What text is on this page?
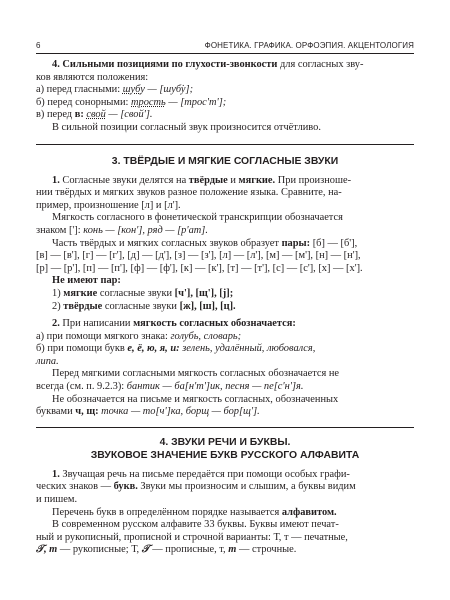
6	ФОНЕТИКА. ГРАФИКА. ОРФОЭПИЯ. АКЦЕНТОЛОГИЯ

4. Сильными позициями по глухости-звонкости для согласных зву-

ков являются положения:

а) перед гласными: шубу — [шуб̇у];

б) перед сонорными: трость — [трос'т'];

в) перед в: свой — [свой'].

В сильной позиции согласный звук произносится отчётливо.

3. ТВЁРДЫЕ И МЯГКИЕ СОГЛАСНЫЕ ЗВУКИ

1. Согласные звуки делятся на твёрдые и мягкие. При произноше-

нии твёрдых и мягких звуков разное положение языка. Сравните, на-

пример, произношение [л] и [л'].

Мягкость согласного в фонетической транскрипции обозначается

знаком [']: конь — [кон'], ряд — [р'ат].

Часть твёрдых и мягких согласных звуков образует пары: [б] — [б'],

[в] — [в'], [г] — [г'], [д] — [д'], [з] — [з'], [л] — [л'], [м] — [м'], [н] — [н'],

[р] — [р'], [п] — [п'], [ф] — [ф'], [к] — [к'], [т] — [т'], [с] — [с'], [х] — [х'].

Не имеют пар:

1) мягкие согласные звуки [ч'], [щ'], [j];

2) твёрдые согласные звуки [ж], [ш], [ц].

2. При написании мягкость согласных обозначается:

а) при помощи мягкого знака: голубь, словарь;

б) при помощи букв е, ё, ю, я, и: зелень, удалённый, любовался,

липа.

Перед мягкими согласными мягкость согласных обозначается не

всегда (см. п. 9.2.3): бантик — ба[н'т']ик, песня — пе[с'н']я.

Не обозначается на письме и мягкость согласных, обозначенных

буквами ч, щ: точка — то[ч']ка, борщ — бор[щ'].

4. ЗВУКИ РЕЧИ И БУКВЫ.
ЗВУКОВОЕ ЗНАЧЕНИЕ БУКВ РУССКОГО АЛФАВИТА

1. Звучащая речь на письме передаётся при помощи особых графи-

ческих знаков — букв. Звуки мы произносим и слышим, а буквы видим

и пишем.

Перечень букв в определённом порядке называется алфавитом.

В современном русском алфавите 33 буквы. Буквы имеют печат-

ный и рукописный, прописной и строчной варианты: Т, т — печатные,

𝒯, т — рукописные; Т, 𝒯 — прописные, т, т — строчные.
